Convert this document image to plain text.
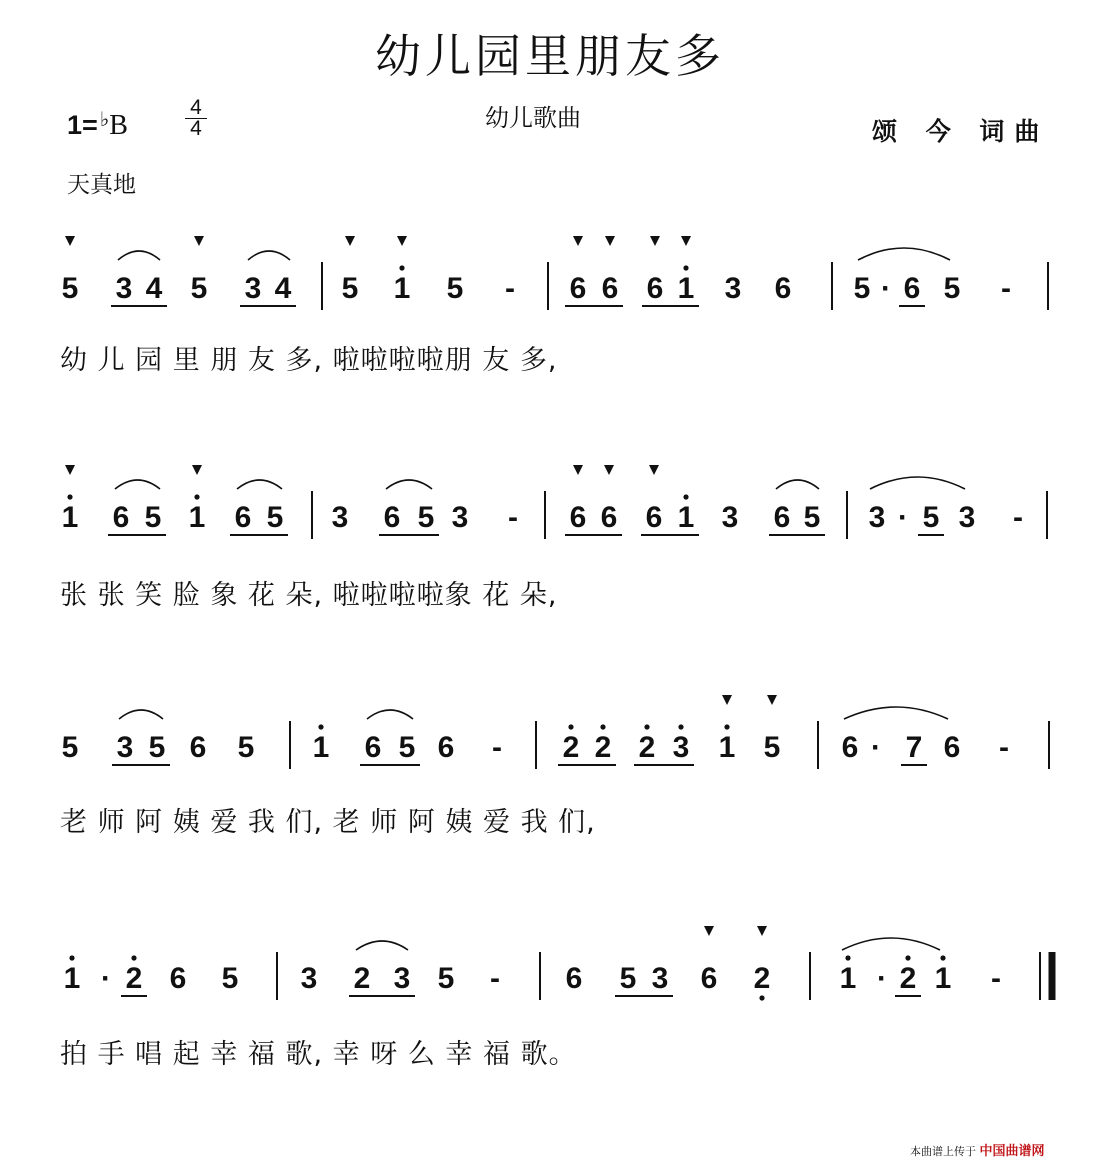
幼儿园里朋友多
幼儿歌曲	颂 今 词曲
1= ♭B
4
4
天真地
5 3 4 5 3 4 5 1 5 - 6 6 6 1 3 6 5 · 6 5 -
1 6 5 1 6 5 3 6 5 3 - 6 6 6 1 3 6 5 3 · 5 3 -
5 3 5 6 5 1 6 5 6 - 2 2 2 3 1 5 6 · 7 6 -
1 · 2 6 5 3 2 3 5 - 6 5 3 6 2 1 · 2 1 -
幼 儿 园 里 朋 友 多, 啦啦啦啦朋 友 多,
张 张 笑 脸 象 花 朵, 啦啦啦啦象 花 朵,
老 师 阿 姨 爱 我 们, 老 师 阿 姨 爱 我 们,
拍 手 唱 起 幸 福 歌, 幸 呀 么 幸 福 歌。
本曲谱上传于 中国曲谱网
